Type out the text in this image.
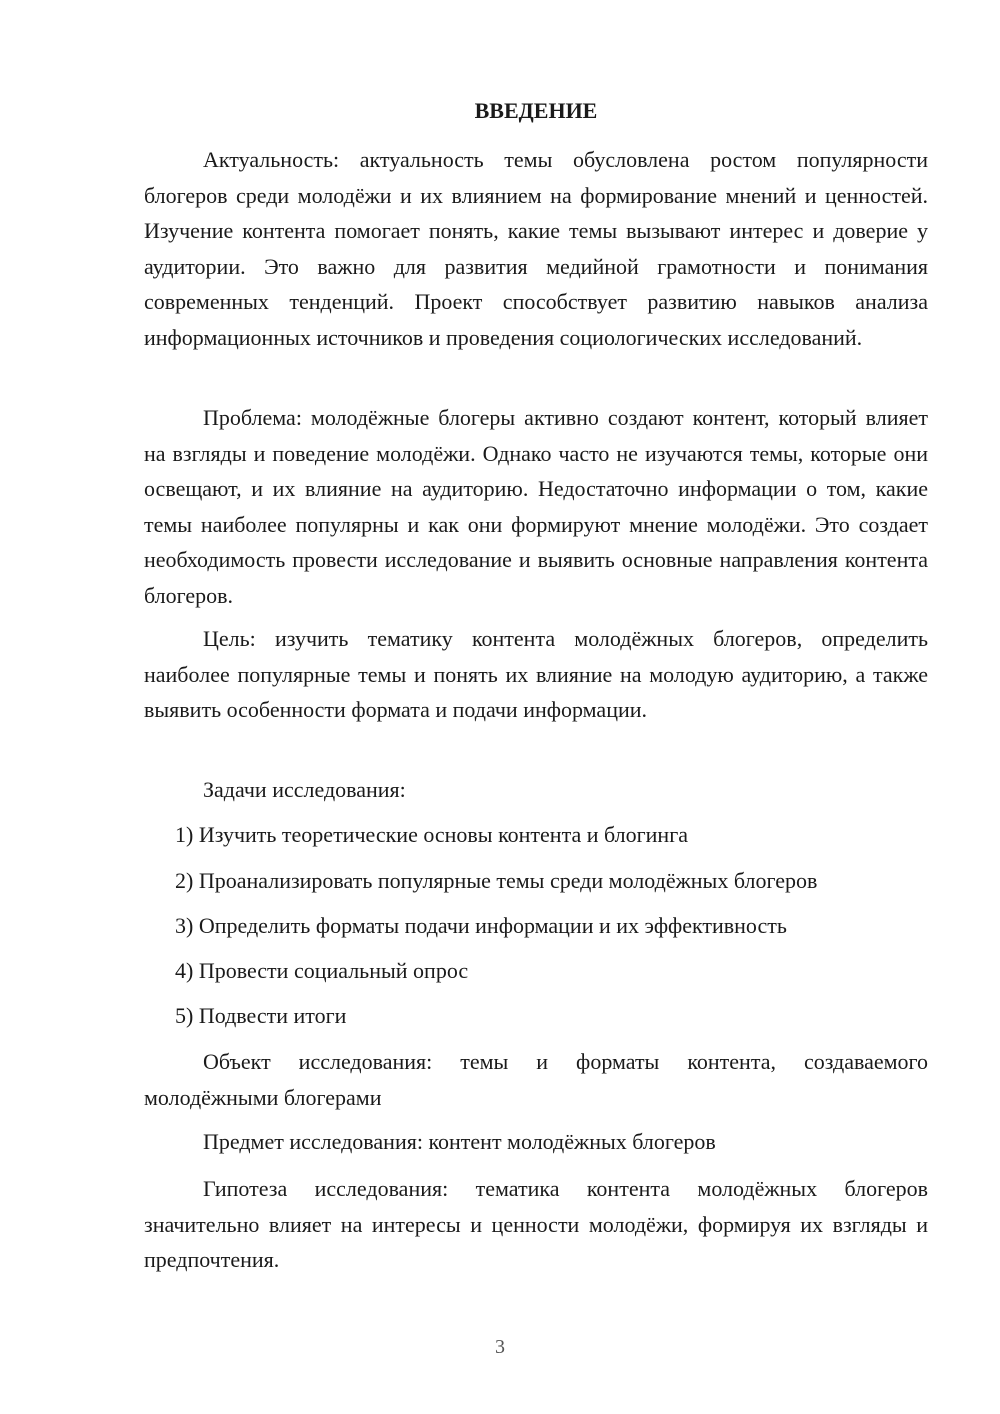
ВВЕДЕНИЕ

Актуальность: актуальность темы обусловлена ростом популярности блогеров среди молодёжи и их влиянием на формирование мнений и ценностей. Изучение контента помогает понять, какие темы вызывают интерес и доверие у аудитории. Это важно для развития медийной грамотности и понимания современных тенденций. Проект способствует развитию навыков анализа информационных источников и проведения социологических исследований.

Проблема: молодёжные блогеры активно создают контент, который влияет на взгляды и поведение молодёжи. Однако часто не изучаются темы, которые они освещают, и их влияние на аудиторию. Недостаточно информации о том, какие темы наиболее популярны и как они формируют мнение молодёжи. Это создает необходимость провести исследование и выявить основные направления контента блогеров.

Цель: изучить тематику контента молодёжных блогеров, определить наиболее популярные темы и понять их влияние на молодую аудиторию, а также выявить особенности формата и подачи информации.

Задачи исследования:

1) Изучить теоретические основы контента и блогинга

2) Проанализировать популярные темы среди молодёжных блогеров

3) Определить форматы подачи информации и их эффективность

4) Провести социальный опрос

5) Подвести итоги

Объект исследования: темы и форматы контента, создаваемого молодёжными блогерами

Предмет исследования: контент молодёжных блогеров

Гипотеза исследования: тематика контента молодёжных блогеров значительно влияет на интересы и ценности молодёжи, формируя их взгляды и предпочтения.

3
